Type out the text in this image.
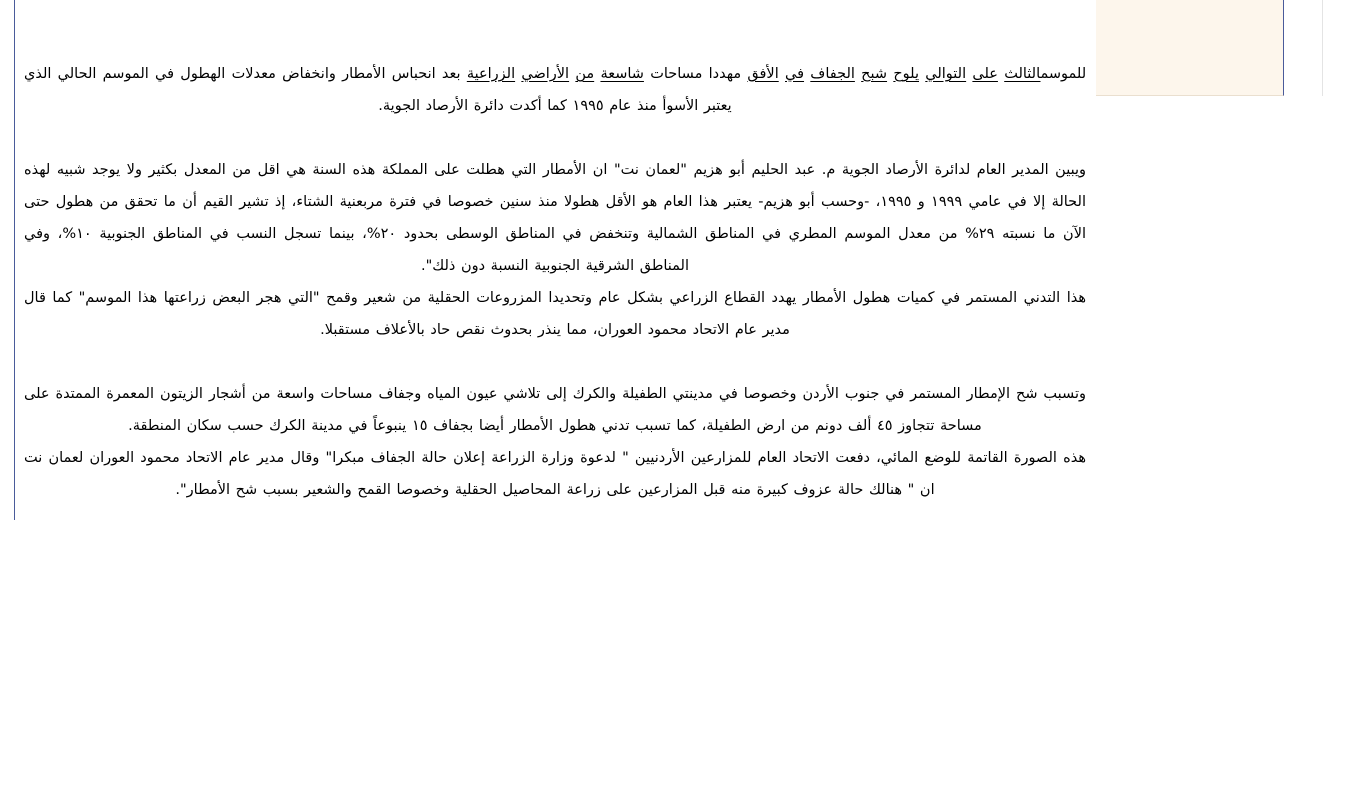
للموسمالثالث على التوالي يلوح شبح الجفاف في الأفق مهددا مساحات شاسعة من الأراضي الزراعية بعد انحباس الأمطار وانخفاض معدلات الهطول في الموسم الحالي الذي يعتبر الأسوأ منذ عام ١٩٩٥ كما أكدت دائرة الأرصاد الجوية.

ويبين المدير العام لدائرة الأرصاد الجوية م. عبد الحليم أبو هزيم "لعمان نت" ان الأمطار التي هطلت على المملكة هذه السنة هي اقل من المعدل بكثير ولا يوجد شبيه لهذه الحالة إلا في عامي ١٩٩٩ و ١٩٩٥، -وحسب أبو هزيم- يعتبر هذا العام هو الأقل هطولا منذ سنين خصوصا في فترة مربعنية الشتاء، إذ تشير القيم أن ما تحقق من هطول حتى الآن ما نسبته ٢٩% من معدل الموسم المطري في المناطق الشمالية وتنخفض في المناطق الوسطى بحدود ٢٠%، بينما تسجل النسب في المناطق الجنوبية ١٠%، وفي المناطق الشرقية الجنوبية النسبة دون ذلك".

هذا التدني المستمر في كميات هطول الأمطار يهدد القطاع الزراعي بشكل عام وتحديدا المزروعات الحقلية من شعير وقمح "التي هجر البعض زراعتها هذا الموسم" كما قال مدير عام الاتحاد محمود العوران، مما ينذر بحدوث نقص حاد بالأعلاف مستقبلا.

وتسبب شح الإمطار المستمر في جنوب الأردن وخصوصا في مدينتي الطفيلة والكرك إلى تلاشي عيون المياه وجفاف مساحات واسعة من أشجار الزيتون المعمرة الممتدة على مساحة تتجاوز ٤٥ ألف دونم من ارض الطفيلة، كما تسبب تدني هطول الأمطار أيضا بجفاف ١٥ ينبوعاً في مدينة الكرك حسب سكان المنطقة.

هذه الصورة القاتمة للوضع المائي، دفعت الاتحاد العام للمزارعين الأردنيين " لدعوة وزارة الزراعة إعلان حالة الجفاف مبكرا" وقال مدير عام الاتحاد محمود العوران لعمان نت ان " هنالك حالة عزوف كبيرة منه قبل المزارعين على زراعة المحاصيل الحقلية وخصوصا القمح والشعير بسبب شح الأمطار".
